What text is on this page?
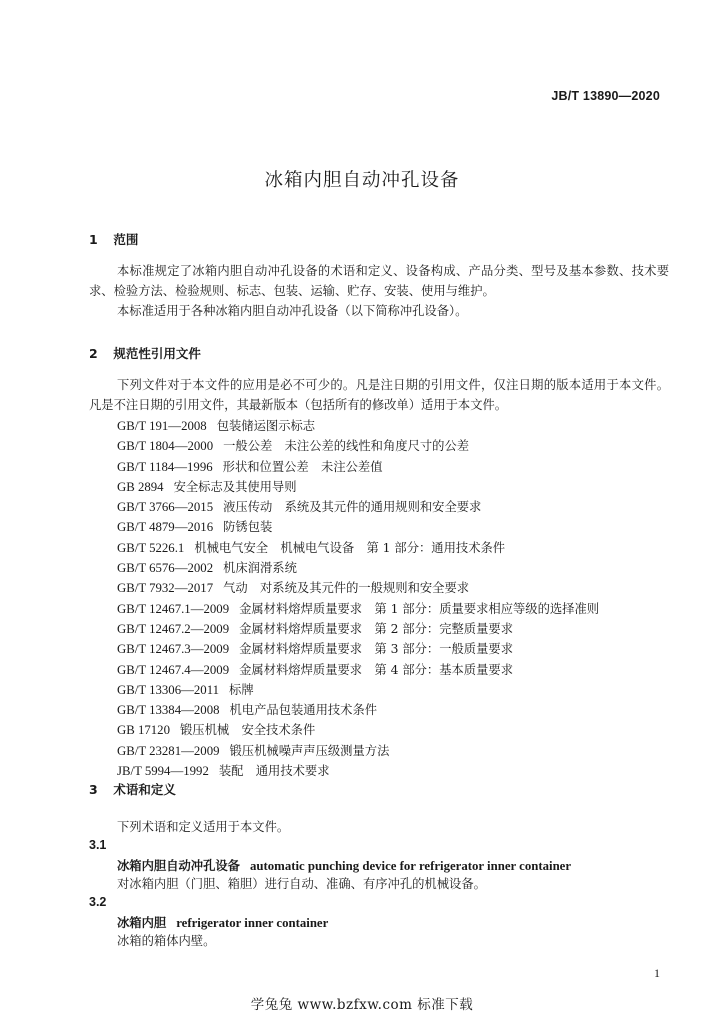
JB/T 13890—2020
冰箱内胆自动冲孔设备
1 范围

本标准规定了冰箱内胆自动冲孔设备的术语和定义、设备构成、产品分类、型号及基本参数、技术要求、检验方法、检验规则、标志、包装、运输、贮存、安装、使用与维护。

本标准适用于各种冰箱内胆自动冲孔设备（以下简称冲孔设备）。

2 规范性引用文件

下列文件对于本文件的应用是必不可少的。凡是注日期的引用文件，仅注日期的版本适用于本文件。凡是不注日期的引用文件，其最新版本（包括所有的修改单）适用于本文件。

GB/T 191—2008 包装储运图示标志
GB/T 1804—2000 一般公差　未注公差的线性和角度尺寸的公差
GB/T 1184—1996 形状和位置公差　未注公差值
GB 2894 安全标志及其使用导则
GB/T 3766—2015 液压传动　系统及其元件的通用规则和安全要求
GB/T 4879—2016 防锈包装
GB/T 5226.1 机械电气安全　机械电气设备　第 1 部分：通用技术条件
GB/T 6576—2002 机床润滑系统
GB/T 7932—2017 气动　对系统及其元件的一般规则和安全要求
GB/T 12467.1—2009 金属材料熔焊质量要求　第 1 部分：质量要求相应等级的选择准则
GB/T 12467.2—2009 金属材料熔焊质量要求　第 2 部分：完整质量要求
GB/T 12467.3—2009 金属材料熔焊质量要求　第 3 部分：一般质量要求
GB/T 12467.4—2009 金属材料熔焊质量要求　第 4 部分：基本质量要求
GB/T 13306—2011 标牌
GB/T 13384—2008 机电产品包装通用技术条件
GB 17120 锻压机械　安全技术条件
GB/T 23281—2009 锻压机械噪声声压级测量方法
JB/T 5994—1992 装配　通用技术要求
3 术语和定义
下列术语和定义适用于本文件。
3.1
冰箱内胆自动冲孔设备 automatic punching device for refrigerator inner container
对冰箱内胆（门胆、箱胆）进行自动、准确、有序冲孔的机械设备。
3.2
冰箱内胆 refrigerator inner container
冰箱的箱体内壁。
1
学兔兔 www.bzfxw.com 标准下载
